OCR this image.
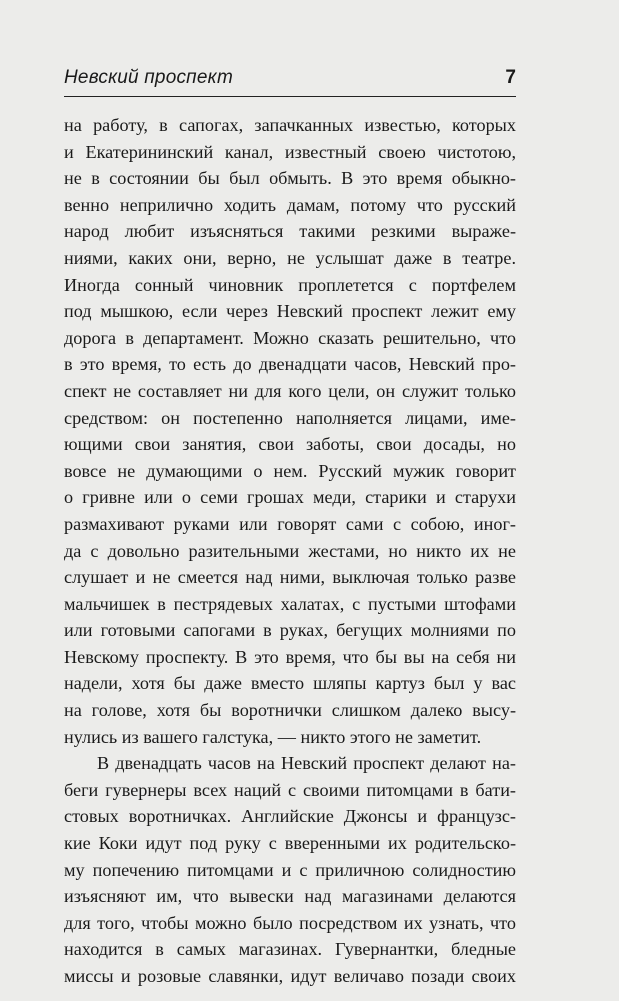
Невский проспект	7
на работу, в сапогах, запачканных известью, которых
и Екатерининский канал, известный своею чистотою,
не в состоянии бы был обмыть. В это время обыкно-
венно неприлично ходить дамам, потому что русский
народ любит изъясняться такими резкими выраже-
ниями, каких они, верно, не услышат даже в театре.
Иногда сонный чиновник проплетется с портфелем
под мышкою, если через Невский проспект лежит ему
дорога в департамент. Можно сказать решительно, что
в это время, то есть до двенадцати часов, Невский про-
спект не составляет ни для кого цели, он служит только
средством: он постепенно наполняется лицами, име-
ющими свои занятия, свои заботы, свои досады, но
вовсе не думающими о нем. Русский мужик говорит
о гривне или о семи грошах меди, старики и старухи
размахивают руками или говорят сами с собою, иног-
да с довольно разительными жестами, но никто их не
слушает и не смеется над ними, выключая только разве
мальчишек в пестрядевых халатах, с пустыми штофами
или готовыми сапогами в руках, бегущих молниями по
Невскому проспекту. В это время, что бы вы на себя ни
надели, хотя бы даже вместо шляпы картуз был у вас
на голове, хотя бы воротнички слишком далеко высу-
нулись из вашего галстука, — никто этого не заметит.
В двенадцать часов на Невский проспект делают на-
беги гувернеры всех наций с своими питомцами в бати-
стовых воротничках. Английские Джонсы и французс-
кие Коки идут под руку с вверенными их родительско-
му попечению питомцами и с приличною солидностию
изъясняют им, что вывески над магазинами делаются
для того, чтобы можно было посредством их узнать, что
находится в самых магазинах. Гувернантки, бледные
миссы и розовые славянки, идут величаво позади своих
